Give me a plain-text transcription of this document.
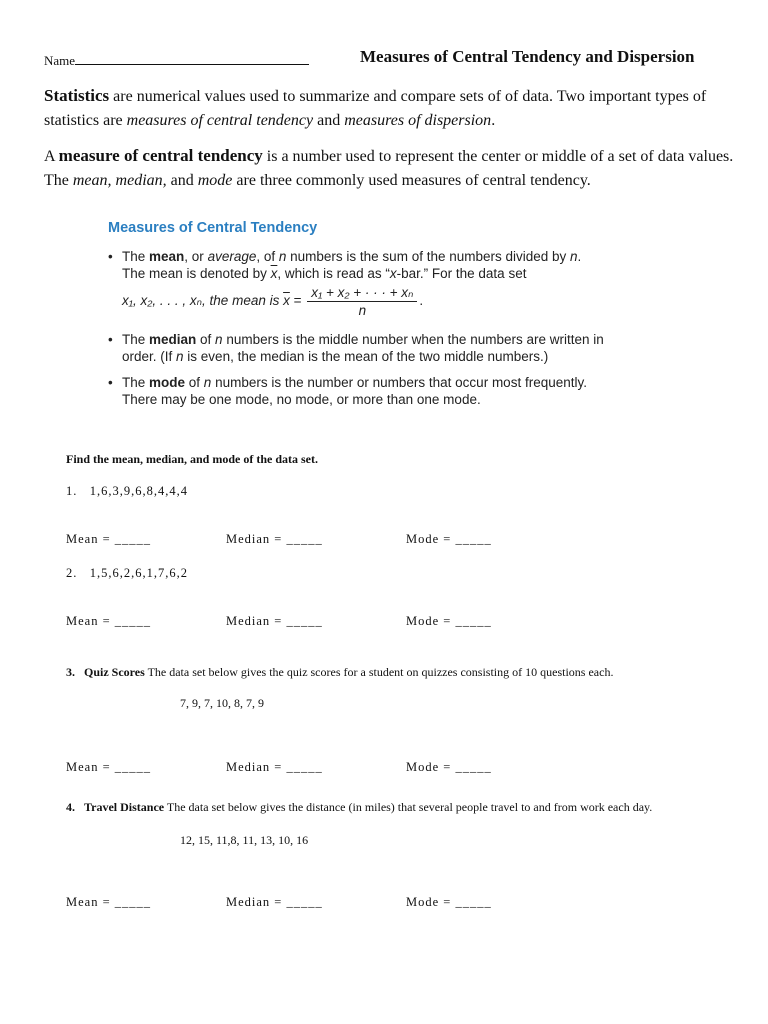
Name	Measures of Central Tendency and Dispersion
Statistics are numerical values used to summarize and compare sets of of data. Two important types of statistics are measures of central tendency and measures of dispersion.
A measure of central tendency is a number used to represent the center or middle of a set of data values. The mean, median, and mode are three commonly used measures of central tendency.
Measures of Central Tendency
• The mean, or average, of n numbers is the sum of the numbers divided by n. The mean is denoted by $\overline{x}$, which is read as “x-bar.” For the data set
x₁, x₂, . . . , xₙ, the mean is $\overline{x} = \frac{\text{x₁ + x₂ + · · · + xₙ}}{n}$ .
• The median of n numbers is the middle number when the numbers are written in order. (If n is even, the median is the mean of the two middle numbers.)
• The mode of n numbers is the number or numbers that occur most frequently. There may be one mode, no mode, or more than one mode.
Find the mean, median, and mode of the data set.
1. 1,6,3,9,6,8,4,4,4
Mean = _____	Median = _____	Mode = _____
2. 1,5,6,2,6,1,7,6,2
Mean = _____	Median = _____	Mode = _____
3. Quiz Scores The data set below gives the quiz scores for a student on quizzes consisting of 10 questions each.
7, 9, 7, 10, 8, 7, 9
Mean = _____	Median = _____	Mode = _____
4. Travel Distance The data set below gives the distance (in miles) that several people travel to and from work each day.
12, 15, 11,8, 11, 13, 10, 16
Mean = _____	Median = _____	Mode = _____
